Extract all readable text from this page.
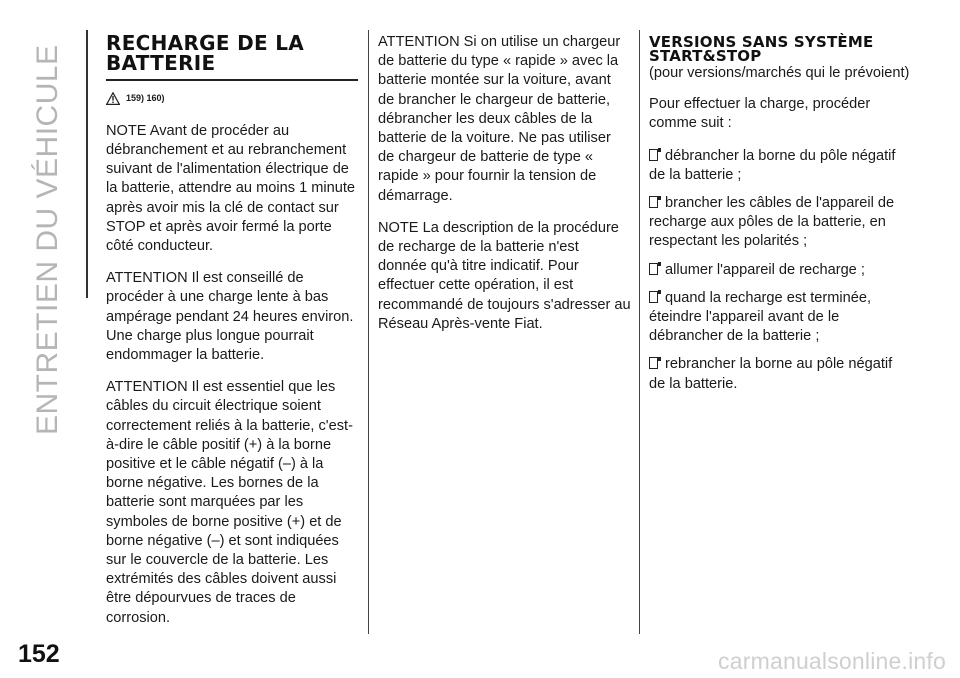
ENTRETIEN DU VÉHICULE
152
RECHARGE DE LA BATTERIE
159) 160)

NOTE Avant de procéder au débranchement et au rebranchement suivant de l'alimentation électrique de la batterie, attendre au moins 1 minute après avoir mis la clé de contact sur STOP et après avoir fermé la porte côté conducteur.

ATTENTION Il est conseillé de procéder à une charge lente à bas ampérage pendant 24 heures environ. Une charge plus longue pourrait endommager la batterie.

ATTENTION Il est essentiel que les câbles du circuit électrique soient correctement reliés à la batterie, c'est-à-dire le câble positif (+) à la borne positive et le câble négatif (–) à la borne négative. Les bornes de la batterie sont marquées par les symboles de borne positive (+) et de borne négative (–) et sont indiquées sur le couvercle de la batterie. Les extrémités des câbles doivent aussi être dépourvues de traces de corrosion.

ATTENTION Si on utilise un chargeur de batterie du type « rapide » avec la batterie montée sur la voiture, avant de brancher le chargeur de batterie, débrancher les deux câbles de la batterie de la voiture. Ne pas utiliser de chargeur de batterie de type « rapide » pour fournir la tension de démarrage.

NOTE La description de la procédure de recharge de la batterie n'est donnée qu'à titre indicatif. Pour effectuer cette opération, il est recommandé de toujours s'adresser au Réseau Après-vente Fiat.

VERSIONS SANS SYSTÈME START&STOP
(pour versions/marchés qui le prévoient)

Pour effectuer la charge, procéder comme suit :

débrancher la borne du pôle négatif de la batterie ;
brancher les câbles de l'appareil de recharge aux pôles de la batterie, en respectant les polarités ;
allumer l'appareil de recharge ;
quand la recharge est terminée, éteindre l'appareil avant de le débrancher de la batterie ;
rebrancher la borne au pôle négatif de la batterie.
carmanualsonline.info
